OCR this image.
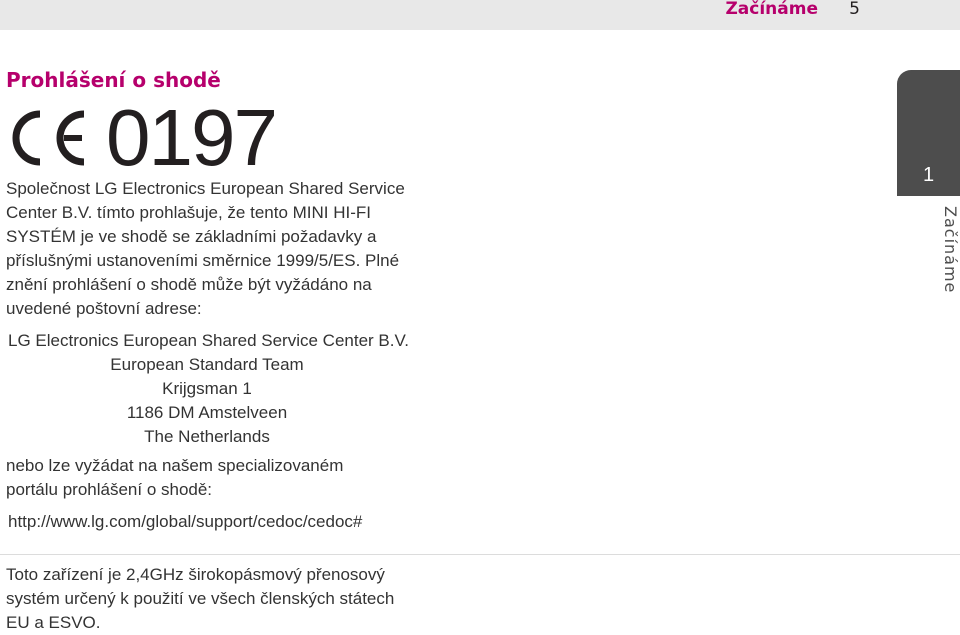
Začínáme 5
Prohlášení o shodě
0197
Společnost LG Electronics European Shared Service
Center B.V. tímto prohlašuje, že tento MINI HI-FI
SYSTÉM je ve shodě se základními požadavky a
příslušnými ustanoveními směrnice 1999/5/ES. Plné
znění prohlášení o shodě může být vyžádáno na
uvedené poštovní adrese:
LG Electronics European Shared Service Center B.V.
European Standard Team
Krijgsman 1
1186 DM Amstelveen
The Netherlands
nebo lze vyžádat na našem specializovaném
portálu prohlášení o shodě:
http://www.lg.com/global/support/cedoc/cedoc#
Toto zařízení je 2,4GHz širokopásmový přenosový
systém určený k použití ve všech členských státech
EU a ESVO.
1
Začínáme
